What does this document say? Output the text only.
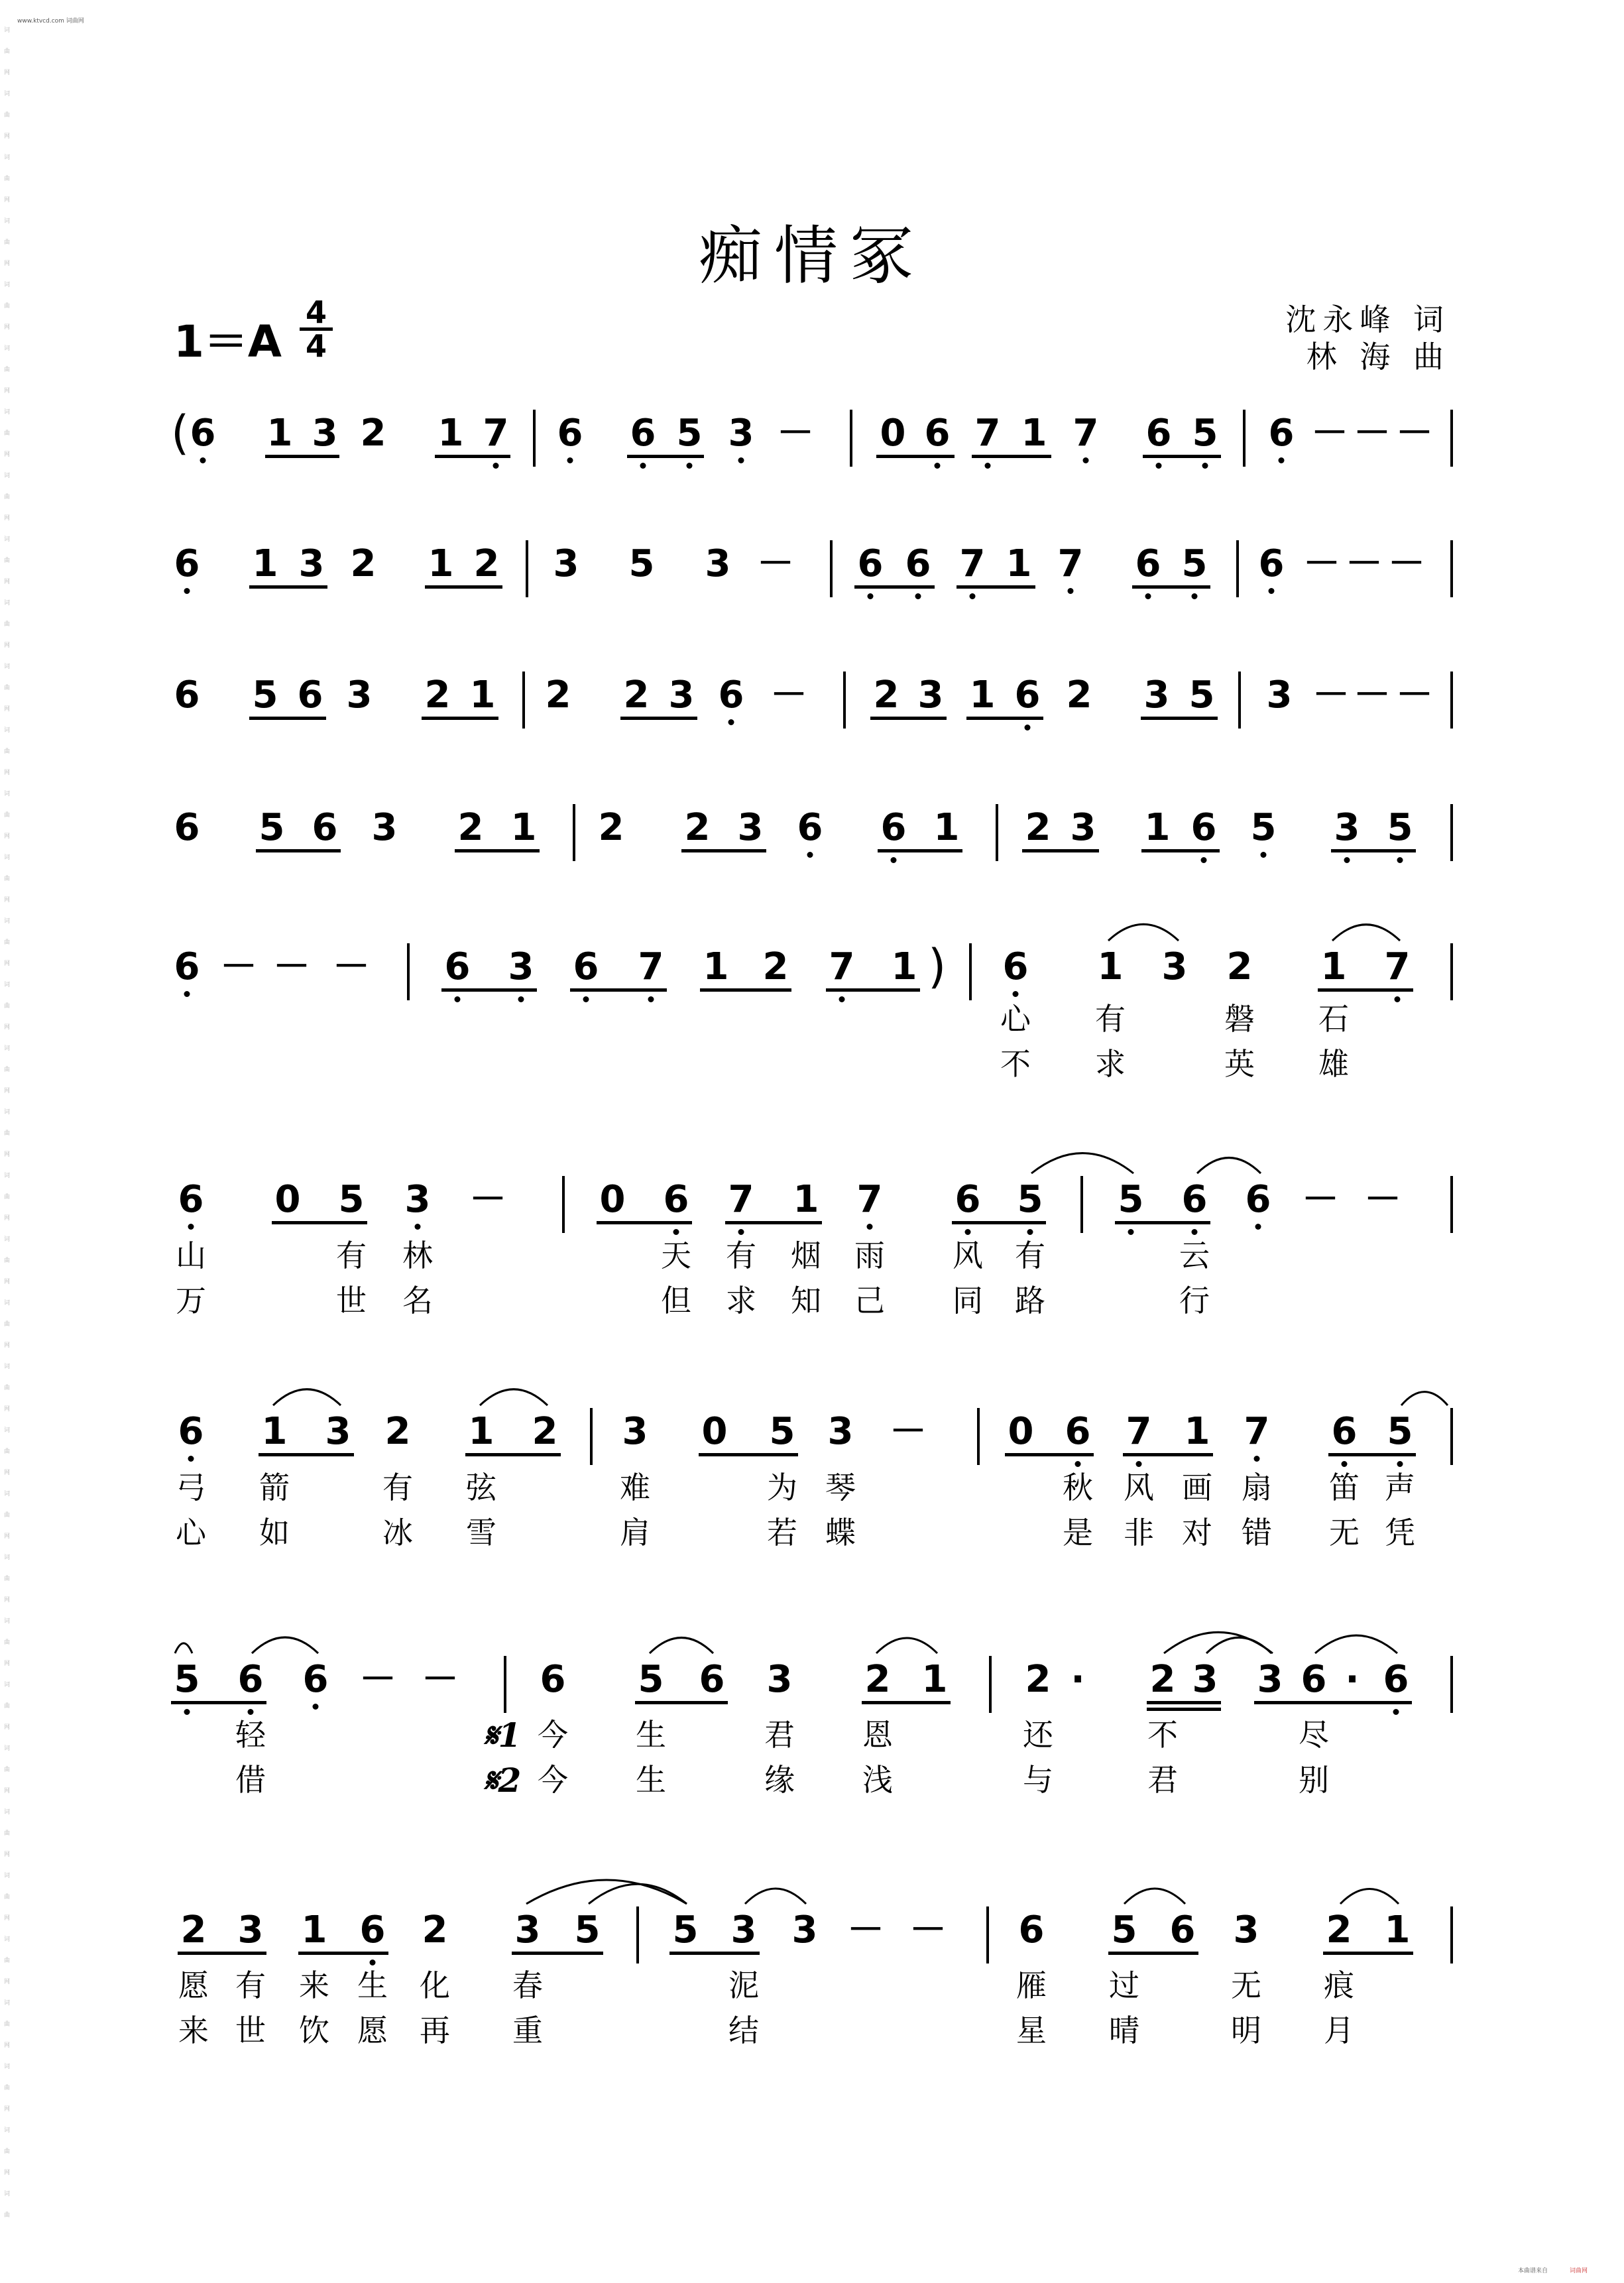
www.ktvcd.com 词曲网
词
曲
网
词
曲
网
词
曲
网
词
曲
网
词
曲
网
词
曲
网
词
曲
网
词
曲
网
词
曲
网
词
曲
网
词
曲
网
词
曲
网
词
曲
网
词
曲
网
词
曲
网
词
曲
网
词
曲
网
词
曲
网
词
曲
网
词
曲
网
词
曲
网
词
曲
网
词
曲
网
词
曲
网
词
曲
网
词
曲
网
词
曲
网
词
曲
网
词
曲
网
词
曲
网
词
曲
网
词
曲
网
词
曲
网
词
曲
网
词
曲

本曲谱来自	词曲网
痴情冢
1＝A
4
4
沈永峰 词
林 海 曲
( 6 1 3 2 1 7 6 6 5 3 － 0 6 7 1 7 6 5 6 － － －
6 1 3 2 1 2 3 5 3 － 6 6 7 1 7 6 5 6 － － －
6 5 6 3 2 1 2 2 3 6 － 2 3 1 6 2 3 5 3 － － －
6 5 6 3 2 1 2 2 3 6 6 1 2 3 1 6 5 3 5
)
6 － － － 6 3 6 7 1 2 7 1 6 1 3 2 1 7
心 有	磐 石
不 求	英 雄
6 0 5 3 －	0 6 7 1 7 6 5 5 6 6 － －
山	有 林	天 有 烟 雨 风 有	云
万	世 名	但 求 知 己 同 路	行
6 1 3 2 1 2 3 0 5 3 － 0 6 7 1 7 6 5
弓 箭	有 弦	难	为 琴	秋 风 画 扇 笛 声
心 如	冰 雪	肩	若 蝶	是 非 对 错 无 凭
5 6 6 － － 6 5 6 3 2 1 2 · 2 3 3 6 · 6
轻	今 生	君 恩	还	不	尽
借	今 生	缘 浅	与	君	别
𝄋1
𝄋2
2 3 1 6 2 3 5 5 3 3 － － 6 5 6 3 2 1
愿 有 来 生 化 春	泥	雁 过	无 痕
来 世 饮 愿 再 重	结	星 晴	明 月
